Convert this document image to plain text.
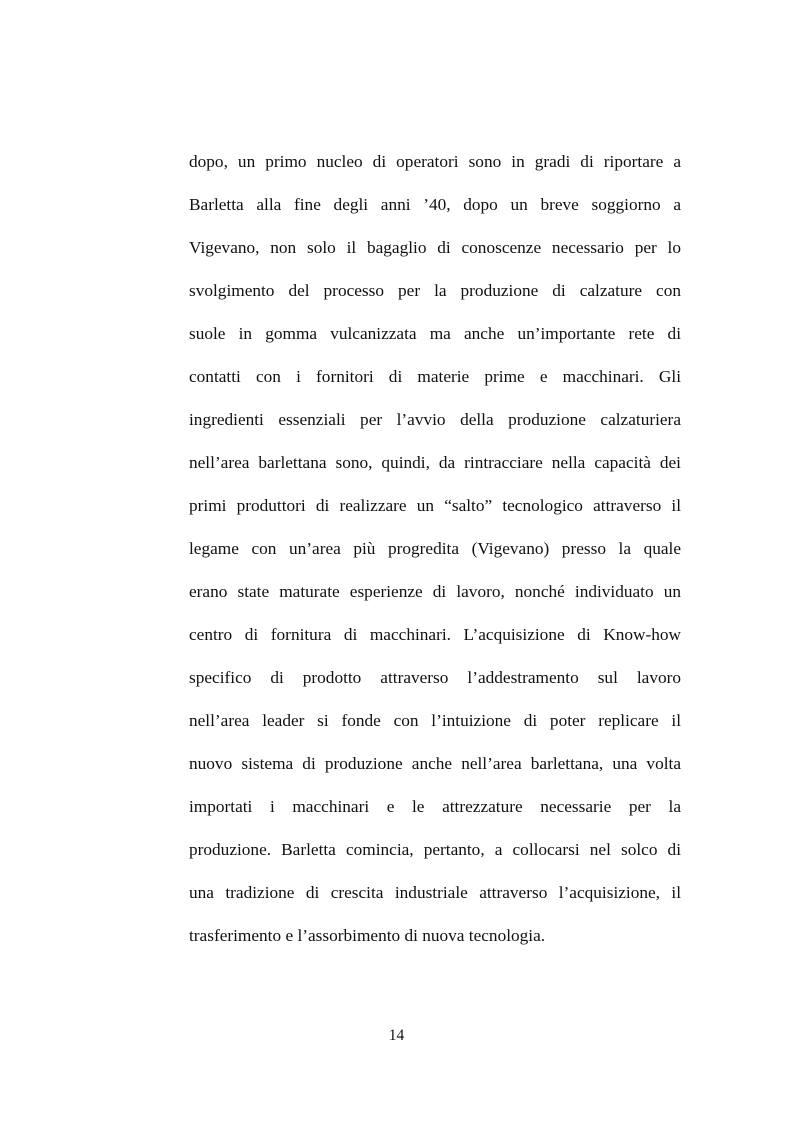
dopo, un primo nucleo di operatori sono in gradi di riportare a
Barletta alla fine degli anni ’40, dopo un breve soggiorno a
Vigevano, non solo il bagaglio di conoscenze necessario per lo
svolgimento del processo per la produzione di calzature con
suole in gomma vulcanizzata ma anche un’importante rete di
contatti con i fornitori di materie prime e macchinari. Gli
ingredienti essenziali per l’avvio della produzione calzaturiera
nell’area barlettana sono, quindi, da rintracciare nella capacità dei
primi produttori di realizzare un “salto” tecnologico attraverso il
legame con un’area più progredita (Vigevano) presso la quale
erano state maturate esperienze di lavoro, nonché individuato un
centro di fornitura di macchinari. L’acquisizione di Know-how
specifico di prodotto attraverso l’addestramento sul lavoro
nell’area leader si fonde con l’intuizione di poter replicare il
nuovo sistema di produzione anche nell’area barlettana, una volta
importati i macchinari e le attrezzature necessarie per la
produzione. Barletta comincia, pertanto, a collocarsi nel solco di
una tradizione di crescita industriale attraverso l’acquisizione, il
trasferimento e l’assorbimento di nuova tecnologia.
14
